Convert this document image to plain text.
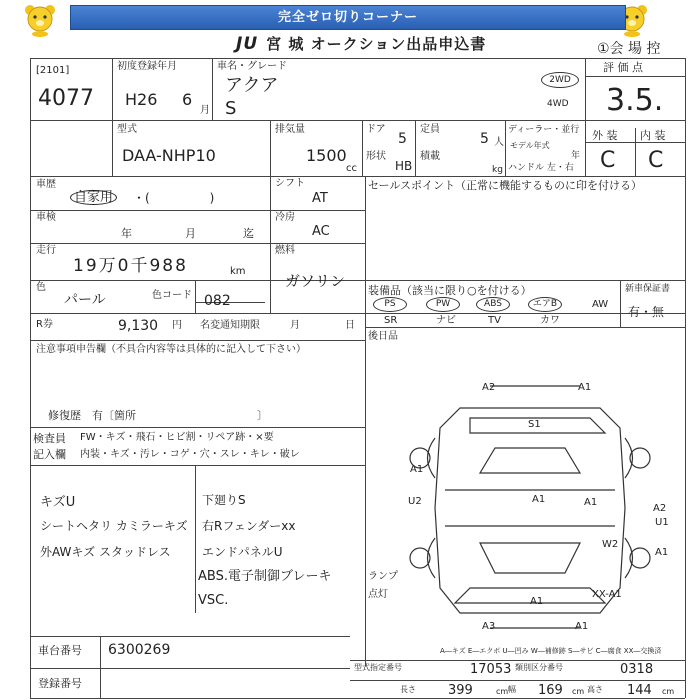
完全ゼロ切りコーナー
JU 宮 城 オークション出品申込書	①会 場 控
[2101]
4077
初度登録年月
H26 6
月
車名・グレード
アクア
S
2WD
4WD
評 価 点
3.5.
型式
DAA-NHP10
排気量
1500
cc
ドア
5
形状
HB
定員
5 人
積載
kg
ディーラー・並行
モデル年式
年
ハンドル 左・右
外 装 内 装
C C
車歴
自家用	・(　　　　　)
シフト
AT
セールスポイント（正常に機能するものに印を付ける）
車検
年	月	迄
冷房
AC
走行
19万0千988	km
燃料
ガソリン
色
パール	色コード 082
装備品（該当に限り○を付ける）
PS	PW	ABS	エアB	AW
SR	ナビ	TV	カワ
新車保証書
有・無
R券	9,130 円 名変通知期限	月	日
後日品
注意事項申告欄（不具合内容等は具体的に記入して下さい）
修復歴　有〔箇所　　　　　　　　　　　〕
検査員
記入欄
FW・キズ・飛石・ヒビ割・リペア跡・×要
内装・キズ・汚レ・コゲ・穴・スレ・キレ・破レ
キズU
シートヘタリ カミラーキズ
外AWキズ スタッドレス
下廻りS
右Rフェンダーxx
エンドパネルU
ABS.電子制御ブレーキ
VSC.
ランプ点灯
A2	A1
S1
A1
U2	A1	A1
A2
U1
W2
A1
XX-A1
A1
A3	A1
A―キズ E―エクボ U―凹み W―補修跡 S―サビ C―腐食 XX―交換済
車台番号 6300269
登録番号
型式指定番号	17053 類別区分番号	0318
長さ 399	cm 幅 169 cm 高さ 144 cm
